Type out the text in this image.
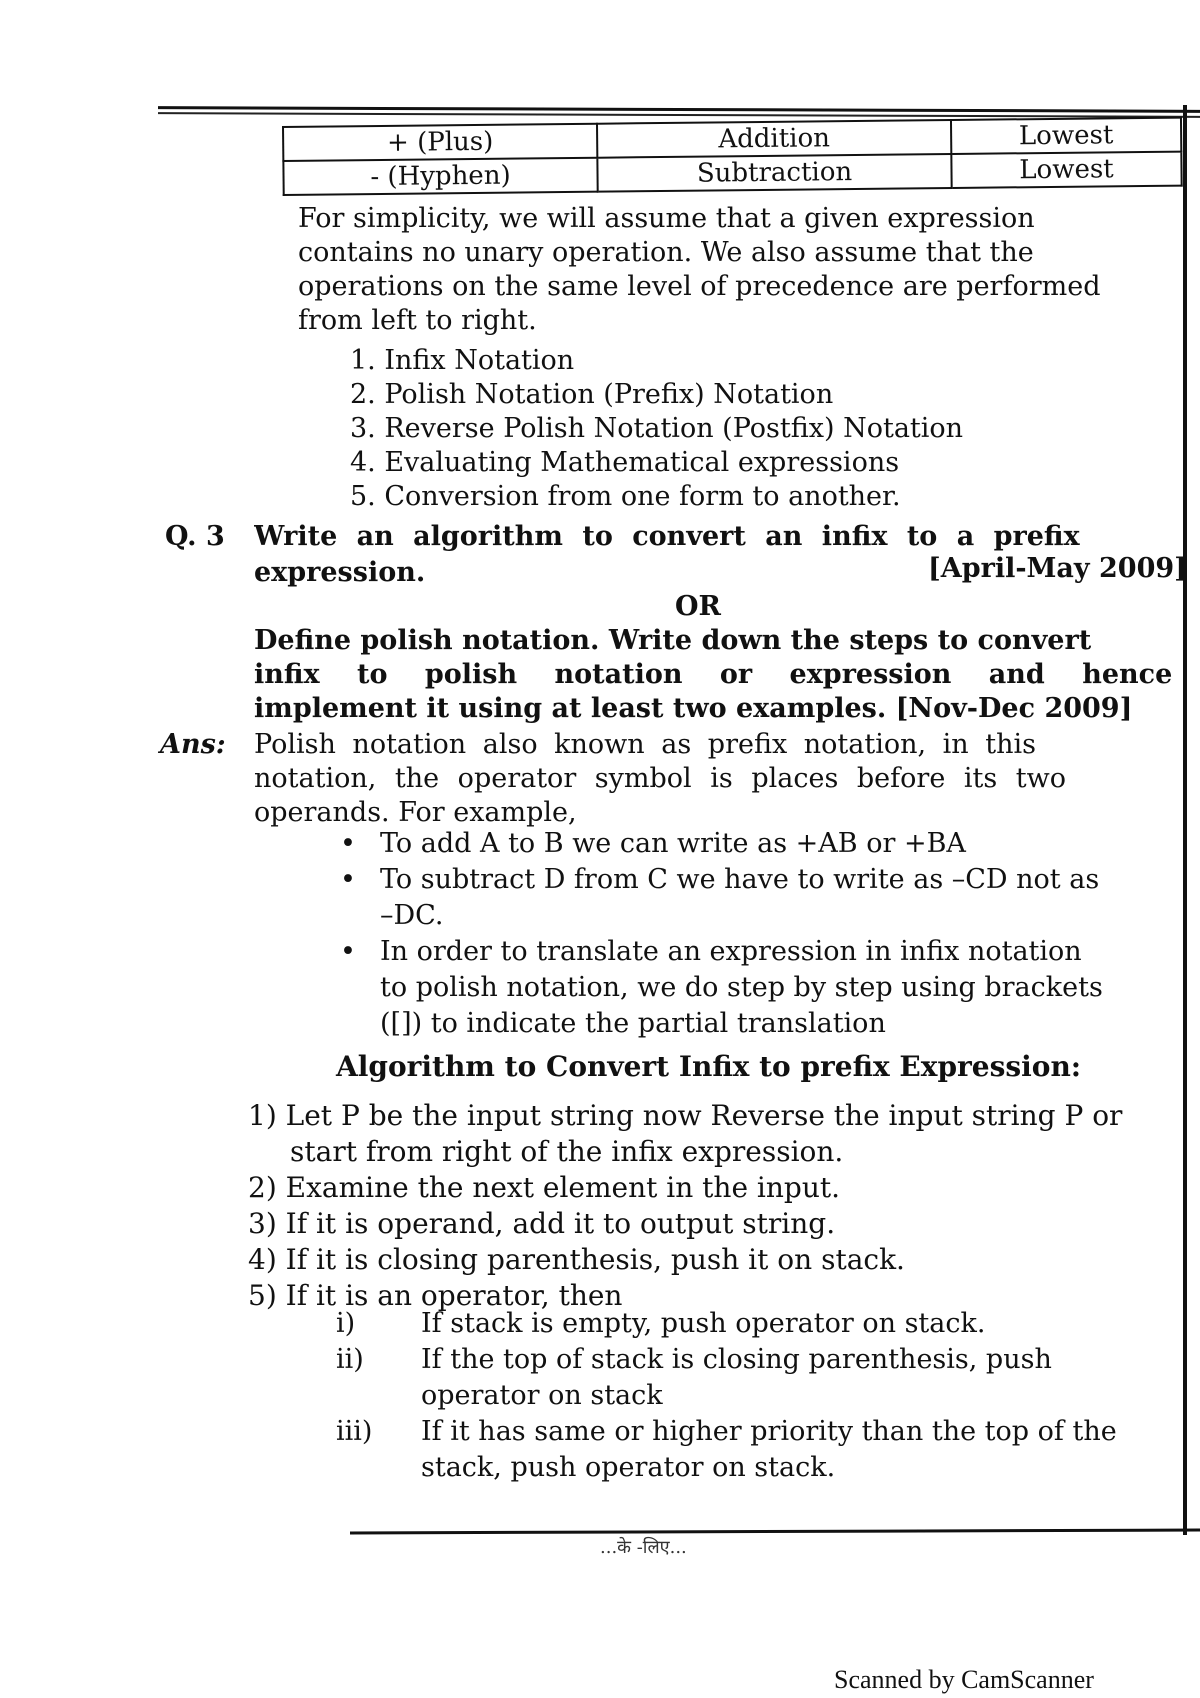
+ (Plus)	Addition	Lowest
- (Hyphen)	Subtraction	Lowest
For simplicity, we will assume that a given expression
contains no unary operation. We also assume that the
operations on the same level of precedence are performed
from left to right.
1. Infix Notation
2. Polish Notation (Prefix) Notation
3. Reverse Polish Notation (Postfix) Notation
4. Evaluating Mathematical expressions
5. Conversion from one form to another.
Q. 3 Write an algorithm to convert an infix to a prefix
expression.	[April-May 2009]
OR
Define polish notation. Write down the steps to convert
infix to polish notation or expression and hence
implement it using at least two examples. [Nov-Dec 2009]
Ans: Polish notation also known as prefix notation, in this
notation, the operator symbol is places before its two
operands. For example,
• To add A to B we can write as +AB or +BA
• To subtract D from C we have to write as –CD not as
–DC.
• In order to translate an expression in infix notation
to polish notation, we do step by step using brackets
([]) to indicate the partial translation
Algorithm to Convert Infix to prefix Expression:
1) Let P be the input string now Reverse the input string P or
start from right of the infix expression.
2) Examine the next element in the input.
3) If it is operand, add it to output string.
4) If it is closing parenthesis, push it on stack.
5) If it is an operator, then
i) If stack is empty, push operator on stack.
ii) If the top of stack is closing parenthesis, push
operator on stack
iii) If it has same or higher priority than the top of the
stack, push operator on stack.
...के -लिए...
Scanned by CamScanner
